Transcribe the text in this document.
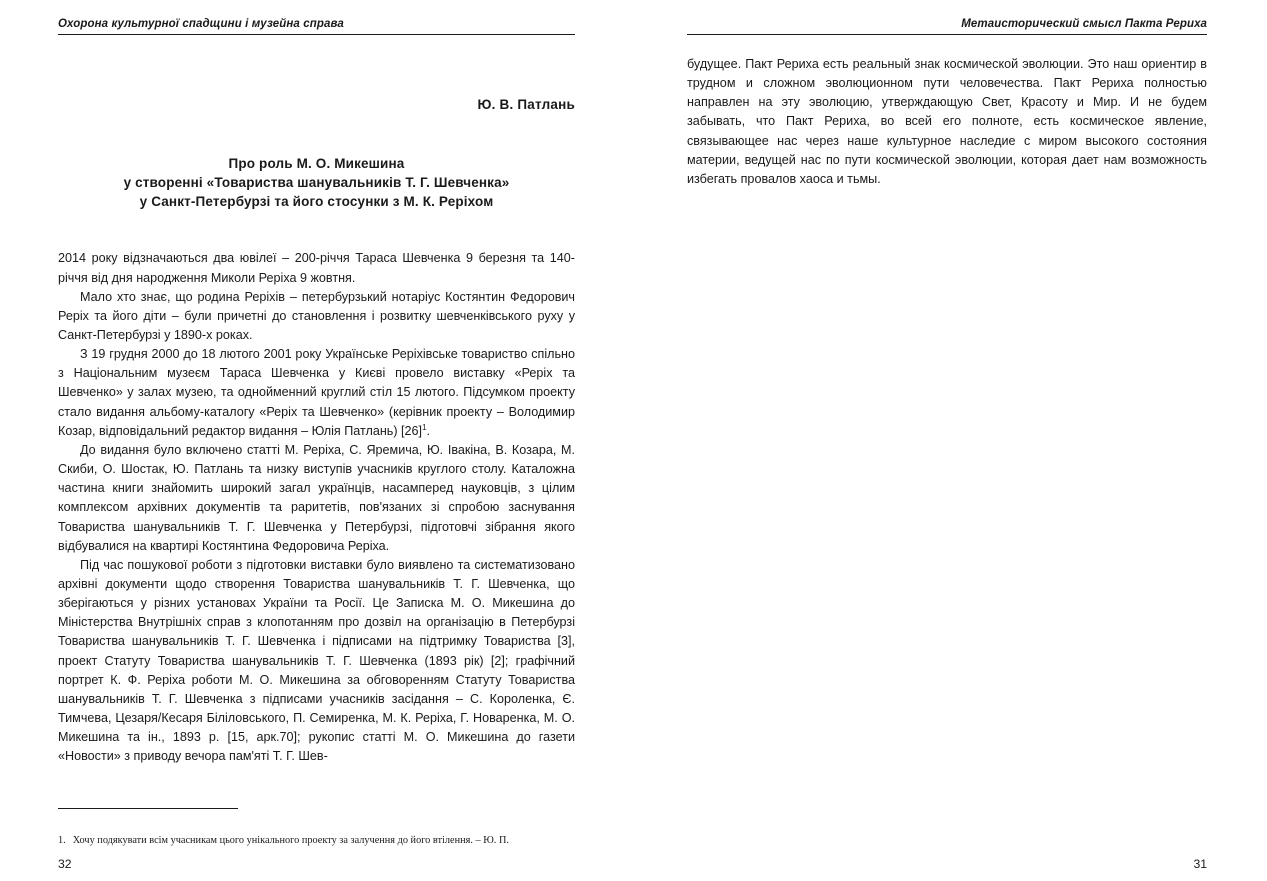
Охорона культурної спадщини і музейна справа
Ю. В. Патлань
Про роль М. О. Микешина
у створенні «Товариства шанувальників Т. Г. Шевченка»
у Санкт-Петербурзі та його стосунки з М. К. Реріхом

2014 року відзначаються два ювілеї – 200-річчя Тараса Шевченка 9 березня та 140-річчя від дня народження Миколи Реріха 9 жовтня.

Мало хто знає, що родина Реріхів – петербурзький нотаріус Костянтин Федорович Реріх та його діти – були причетні до становлення і розвитку шевченківського руху у Санкт-Петербурзі у 1890-х роках.

З 19 грудня 2000 до 18 лютого 2001 року Українське Реріхівське товариство спільно з Національним музеєм Тараса Шевченка у Києві провело виставку «Реріх та Шевченко» у залах музею, та однойменний круглий стіл 15 лютого. Підсумком проекту стало видання альбому-каталогу «Реріх та Шевченко» (керівник проекту – Володимир Козар, відповідальний редактор видання – Юлія Патлань) $[26]^1$.

До видання було включено статті М. Реріха, С. Яремича, Ю. Івакіна, В. Козара, М. Скиби, О. Шостак, Ю. Патлань та низку виступів учасників круглого столу. Каталожна частина книги знайомить широкий загал українців, насамперед науковців, з цілим комплексом архівних документів та раритетів, пов'язаних зі спробою заснування Товариства шанувальників Т. Г. Шевченка у Петербурзі, підготовчі зібрання якого відбувалися на квартирі Костянтина Федоровича Реріха.

Під час пошукової роботи з підготовки виставки було виявлено та систематизовано архівні документи щодо створення Товариства шанувальників Т. Г. Шевченка, що зберігаються у різних установах України та Росії. Це Записка М. О. Микешина до Міністерства Внутрішніх справ з клопотанням про дозвіл на організацію в Петербурзі Товариства шанувальників Т. Г. Шевченка і підписами на підтримку Товариства [3], проект Статуту Товариства шанувальників Т. Г. Шевченка (1893 рік) [2]; графічний портрет К. Ф. Реріха роботи М. О. Микешина за обговоренням Статуту Товариства шанувальників Т. Г. Шевченка з підписами учасників засідання – С. Короленка, Є. Тимчева, Цезаря/Кесаря Біліловського, П. Семиренка, М. К. Реріха, Г. Новаренка, М. О. Микешина та ін., 1893 р. [15, арк.70]; рукопис статті М. О. Микешина до газети «Новости» з приводу вечора пам'яті Т. Г. Шев-

1. Хочу подякувати всім учасникам цього унікального проекту за залучення до його втілення. – Ю. П.
32
Метаисторический смысл Пакта Рериха

будущее. Пакт Рериха есть реальный знак космической эволюции. Это наш ориентир в трудном и сложном эволюционном пути человечества. Пакт Рериха полностью направлен на эту эволюцию, утверждающую Свет, Красоту и Мир. И не будем забывать, что Пакт Рериха, во всей его полноте, есть космическое явление, связывающее нас через наше культурное наследие с миром высокого состояния материи, ведущей нас по пути космической эволюции, которая дает нам возможность избегать провалов хаоса и тьмы.

31
